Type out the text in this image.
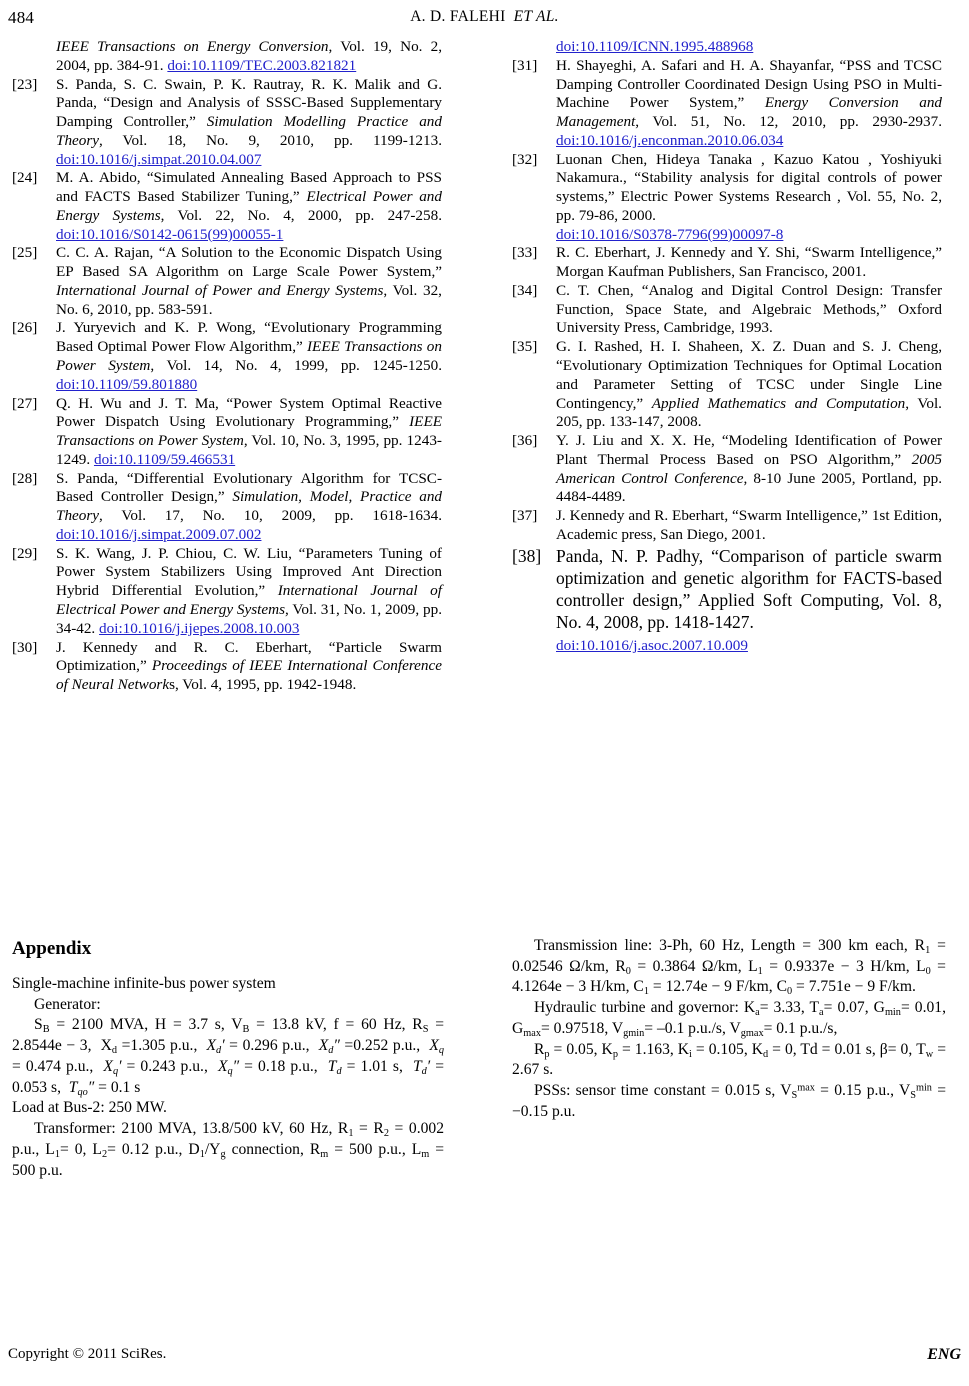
484	A. D. FALEHI ET AL.
IEEE Transactions on Energy Conversion, Vol. 19, No. 2, 2004, pp. 384-91. doi:10.1109/TEC.2003.821821
[23]	S. Panda, S. C. Swain, P. K. Rautray, R. K. Malik and G. Panda, “Design and Analysis of SSSC-Based Supplementary Damping Controller,” Simulation Modelling Practice and Theory, Vol. 18, No. 9, 2010, pp. 1199-1213. doi:10.1016/j.simpat.2010.04.007
[24]	M. A. Abido, “Simulated Annealing Based Approach to PSS and FACTS Based Stabilizer Tuning,” Electrical Power and Energy Systems, Vol. 22, No. 4, 2000, pp. 247-258. doi:10.1016/S0142-0615(99)00055-1
[25]	C. C. A. Rajan, “A Solution to the Economic Dispatch Using EP Based SA Algorithm on Large Scale Power System,” International Journal of Power and Energy Systems, Vol. 32, No. 6, 2010, pp. 583-591.
[26]	J. Yuryevich and K. P. Wong, “Evolutionary Programming Based Optimal Power Flow Algorithm,” IEEE Transactions on Power System, Vol. 14, No. 4, 1999, pp. 1245-1250. doi:10.1109/59.801880
[27]	Q. H. Wu and J. T. Ma, “Power System Optimal Reactive Power Dispatch Using Evolutionary Programming,” IEEE Transactions on Power System, Vol. 10, No. 3, 1995, pp. 1243-1249. doi:10.1109/59.466531
[28]	S. Panda, “Differential Evolutionary Algorithm for TCSC-Based Controller Design,” Simulation, Model, Practice and Theory, Vol. 17, No. 10, 2009, pp. 1618-1634. doi:10.1016/j.simpat.2009.07.002
[29]	S. K. Wang, J. P. Chiou, C. W. Liu, “Parameters Tuning of Power System Stabilizers Using Improved Ant Direction Hybrid Differential Evolution,” International Journal of Electrical Power and Energy Systems, Vol. 31, No. 1, 2009, pp. 34-42. doi:10.1016/j.ijepes.2008.10.003
[30]	J. Kennedy and R. C. Eberhart, “Particle Swarm Optimization,” Proceedings of IEEE International Conference of Neural Networks, Vol. 4, 1995, pp. 1942-1948.
doi:10.1109/ICNN.1995.488968
[31]	H. Shayeghi, A. Safari and H. A. Shayanfar, “PSS and TCSC Damping Controller Coordinated Design Using PSO in Multi-Machine Power System,” Energy Conversion and Management, Vol. 51, No. 12, 2010, pp. 2930-2937. doi:10.1016/j.enconman.2010.06.034
[32]	Luonan Chen, Hideya Tanaka , Kazuo Katou , Yoshiyuki Nakamura., “Stability analysis for digital controls of power systems,” Electric Power Systems Research , Vol. 55, No. 2, pp. 79-86, 2000.
doi:10.1016/S0378-7796(99)00097-8
[33]	R. C. Eberhart, J. Kennedy and Y. Shi, “Swarm Intelligence,” Morgan Kaufman Publishers, San Francisco, 2001.
[34]	C. T. Chen, “Analog and Digital Control Design: Transfer Function, Space State, and Algebraic Methods,” Oxford University Press, Cambridge, 1993.
[35]	G. I. Rashed, H. I. Shaheen, X. Z. Duan and S. J. Cheng, “Evolutionary Optimization Techniques for Optimal Location and Parameter Setting of TCSC under Single Line Contingency,” Applied Mathematics and Computation, Vol. 205, pp. 133-147, 2008.
[36]	Y. J. Liu and X. X. He, “Modeling Identification of Power Plant Thermal Process Based on PSO Algorithm,” 2005 American Control Conference, 8-10 June 2005, Portland, pp. 4484-4489.
[37]	J. Kennedy and R. Eberhart, “Swarm Intelligence,” 1st Edition, Academic press, San Diego, 2001.
[38] Panda, N. P. Padhy, “Comparison of particle swarm optimization and genetic algorithm for FACTS-based controller design,” Applied Soft Computing, Vol. 8, No. 4, 2008, pp. 1418-1427.
doi:10.1016/j.asoc.2007.10.009
Appendix

Single-machine infinite-bus power system

Generator:

$S_B = 2100$ MVA, H = 3.7 s, $V_B = 13.8$ kV, f = 60 Hz, $R_S = 2.8544e - 3$,  $X_d =1.305$ p.u.,  $X_d' = 0.296$ p.u.,  $X_d'' =0.252$ p.u.,  $X_q = 0.474$ p.u.,  $X_q' = 0.243$ p.u.,  $X_q'' = 0.18$ p.u.,  $T_d = 1.01$ s,  $T_d' = 0.053$ s,  $T_{qo}'' = 0.1$ s

Load at Bus-2: 250 MW.

Transformer: 2100 MVA, 13.8/500 kV, 60 Hz, $R_1 = R_2 = 0.002$ p.u., $L_1= 0$, $L_2= 0.12$ p.u., $D_1/Y_g$ connection, $R_m = 500$ p.u., $L_m = 500$ p.u.

Transmission line: 3-Ph, 60 Hz, Length = 300 km each, $R_1 = 0.02546$ Ω/km, $R_0 = 0.3864$ Ω/km, $L_1 = 0.9337e - 3$ H/km, $L_0 = 4.1264e - 3$ H/km, $C_1 = 12.74e - 9$ F/km, $C_0 = 7.751e - 9$ F/km.

Hydraulic turbine and governor: $K_a= 3.33$, $T_a= 0.07$, $G_{min}= 0.01$, $G_{max}= 0.97518$, $V_{gmin}= -0.1$ p.u./s, $V_{gmax}= 0.1$ p.u./s,

$R_p = 0.05$, $K_p = 1.163$, $K_i = 0.105$, $K_d = 0$, Td = 0.01 s, β= 0, $T_w = 2.67$ s.

PSSs: sensor time constant = 0.015 s, $V_S^{max} = 0.15$ p.u., $V_S^{min} = -0.15$ p.u.

Copyright © 2011 SciRes.	ENG
